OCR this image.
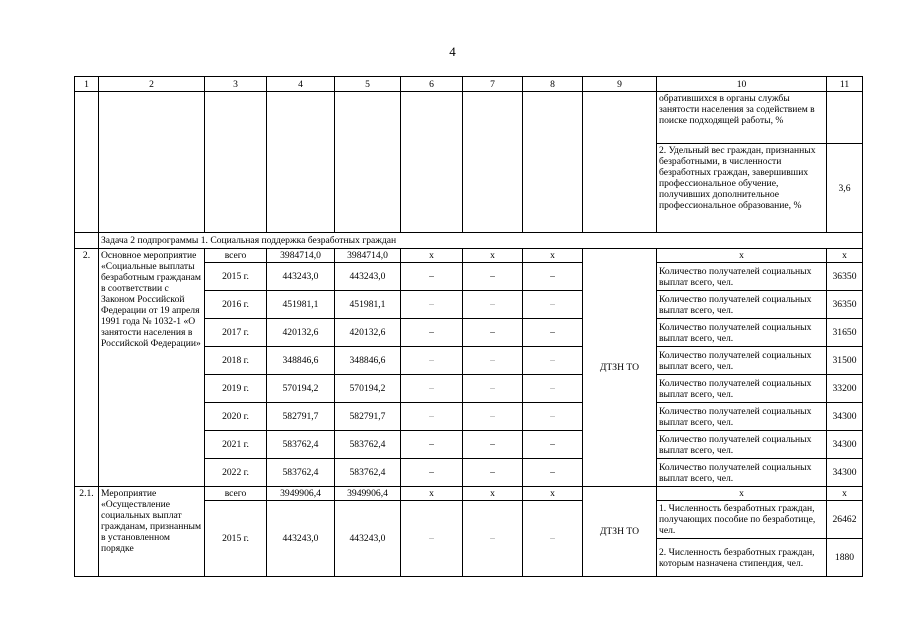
4
1	2	3	4	5	6	7	8	9	10	11
									обратившихся в органы службы занятости населения за содействием в поиске подходящей работы, %	
									2. Удельный вес граждан, признанных безработными, в численности безработных граждан, завершивших профессиональное обучение, получивших дополнительное профессиональное образование, %	3,6
	Задача 2 подпрограммы 1. Социальная поддержка безработных граждан									
2.	Основное мероприятие «Социальные выплаты безработным гражданам в соответствии с Законом Российской Федерации от 19 апреля 1991 года № 1032-1 «О занятости населения в Российской Федерации»	всего	3984714,0	3984714,0	х	х	х	ДТЗН ТО	х	х
		2015 г.	443243,0	443243,0	–	–	–		Количество получателей социальных выплат всего, чел.	36350
		2016 г.	451981,1	451981,1	–	–	–		Количество получателей социальных выплат всего, чел.	36350
		2017 г.	420132,6	420132,6	–	–	–		Количество получателей социальных выплат всего, чел.	31650
		2018 г.	348846,6	348846,6	–	–	–		Количество получателей социальных выплат всего, чел.	31500
		2019 г.	570194,2	570194,2	–	–	–		Количество получателей социальных выплат всего, чел.	33200
		2020 г.	582791,7	582791,7	–	–	–		Количество получателей социальных выплат всего, чел.	34300
		2021 г.	583762,4	583762,4	–	–	–		Количество получателей социальных выплат всего, чел.	34300
		2022 г.	583762,4	583762,4	–	–	–		Количество получателей социальных выплат всего, чел.	34300
2.1.	Мероприятие «Осуществление социальных выплат гражданам, признанным в установленном порядке	всего	3949906,4	3949906,4	х	х	х	ДТЗН ТО	х	х
		2015 г.	443243,0	443243,0	–	–	–		1. Численность безработных граждан, получающих пособие по безработице, чел.	26462
									2. Численность безработных граждан, которым назначена стипендия, чел.	1880
